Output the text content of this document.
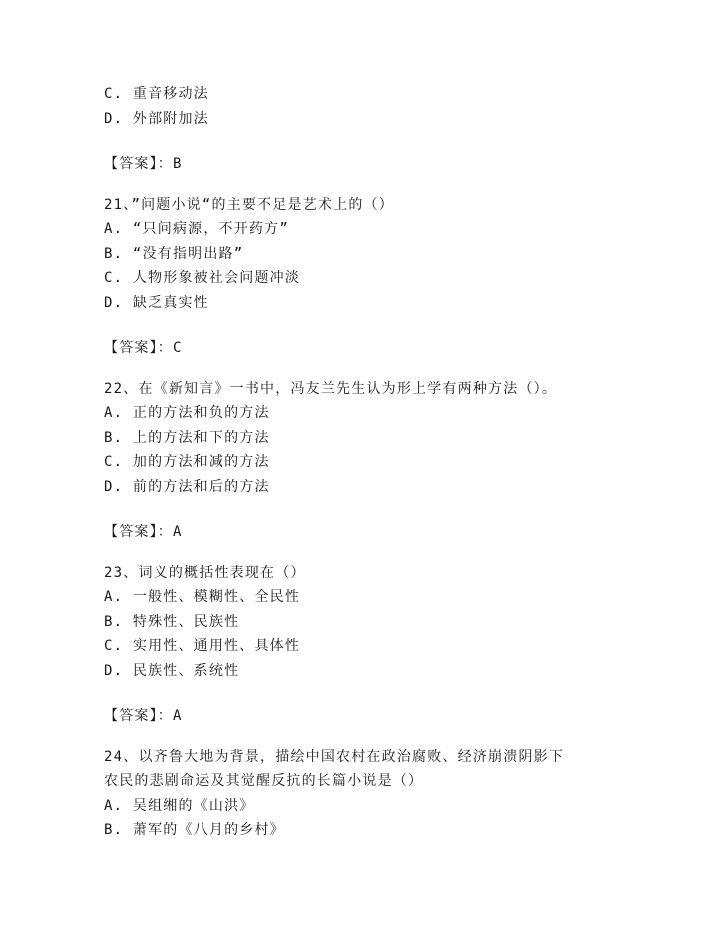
C. 重音移动法
D. 外部附加法
【答案】：B
21、”问题小说“的主要不足是艺术上的（）
A. “只问病源，不开药方”
B. “没有指明出路”
C. 人物形象被社会问题冲淡
D. 缺乏真实性
【答案】：C
22、在《新知言》一书中，冯友兰先生认为形上学有两种方法（）。
A. 正的方法和负的方法
B. 上的方法和下的方法
C. 加的方法和减的方法
D. 前的方法和后的方法
【答案】：A
23、词义的概括性表现在（）
A. 一般性、模糊性、全民性
B. 特殊性、民族性
C. 实用性、通用性、具体性
D. 民族性、系统性
【答案】：A
24、以齐鲁大地为背景，描绘中国农村在政治腐败、经济崩溃阴影下
农民的悲剧命运及其觉醒反抗的长篇小说是（）
A. 吴组缃的《山洪》
B. 萧军的《八月的乡村》
